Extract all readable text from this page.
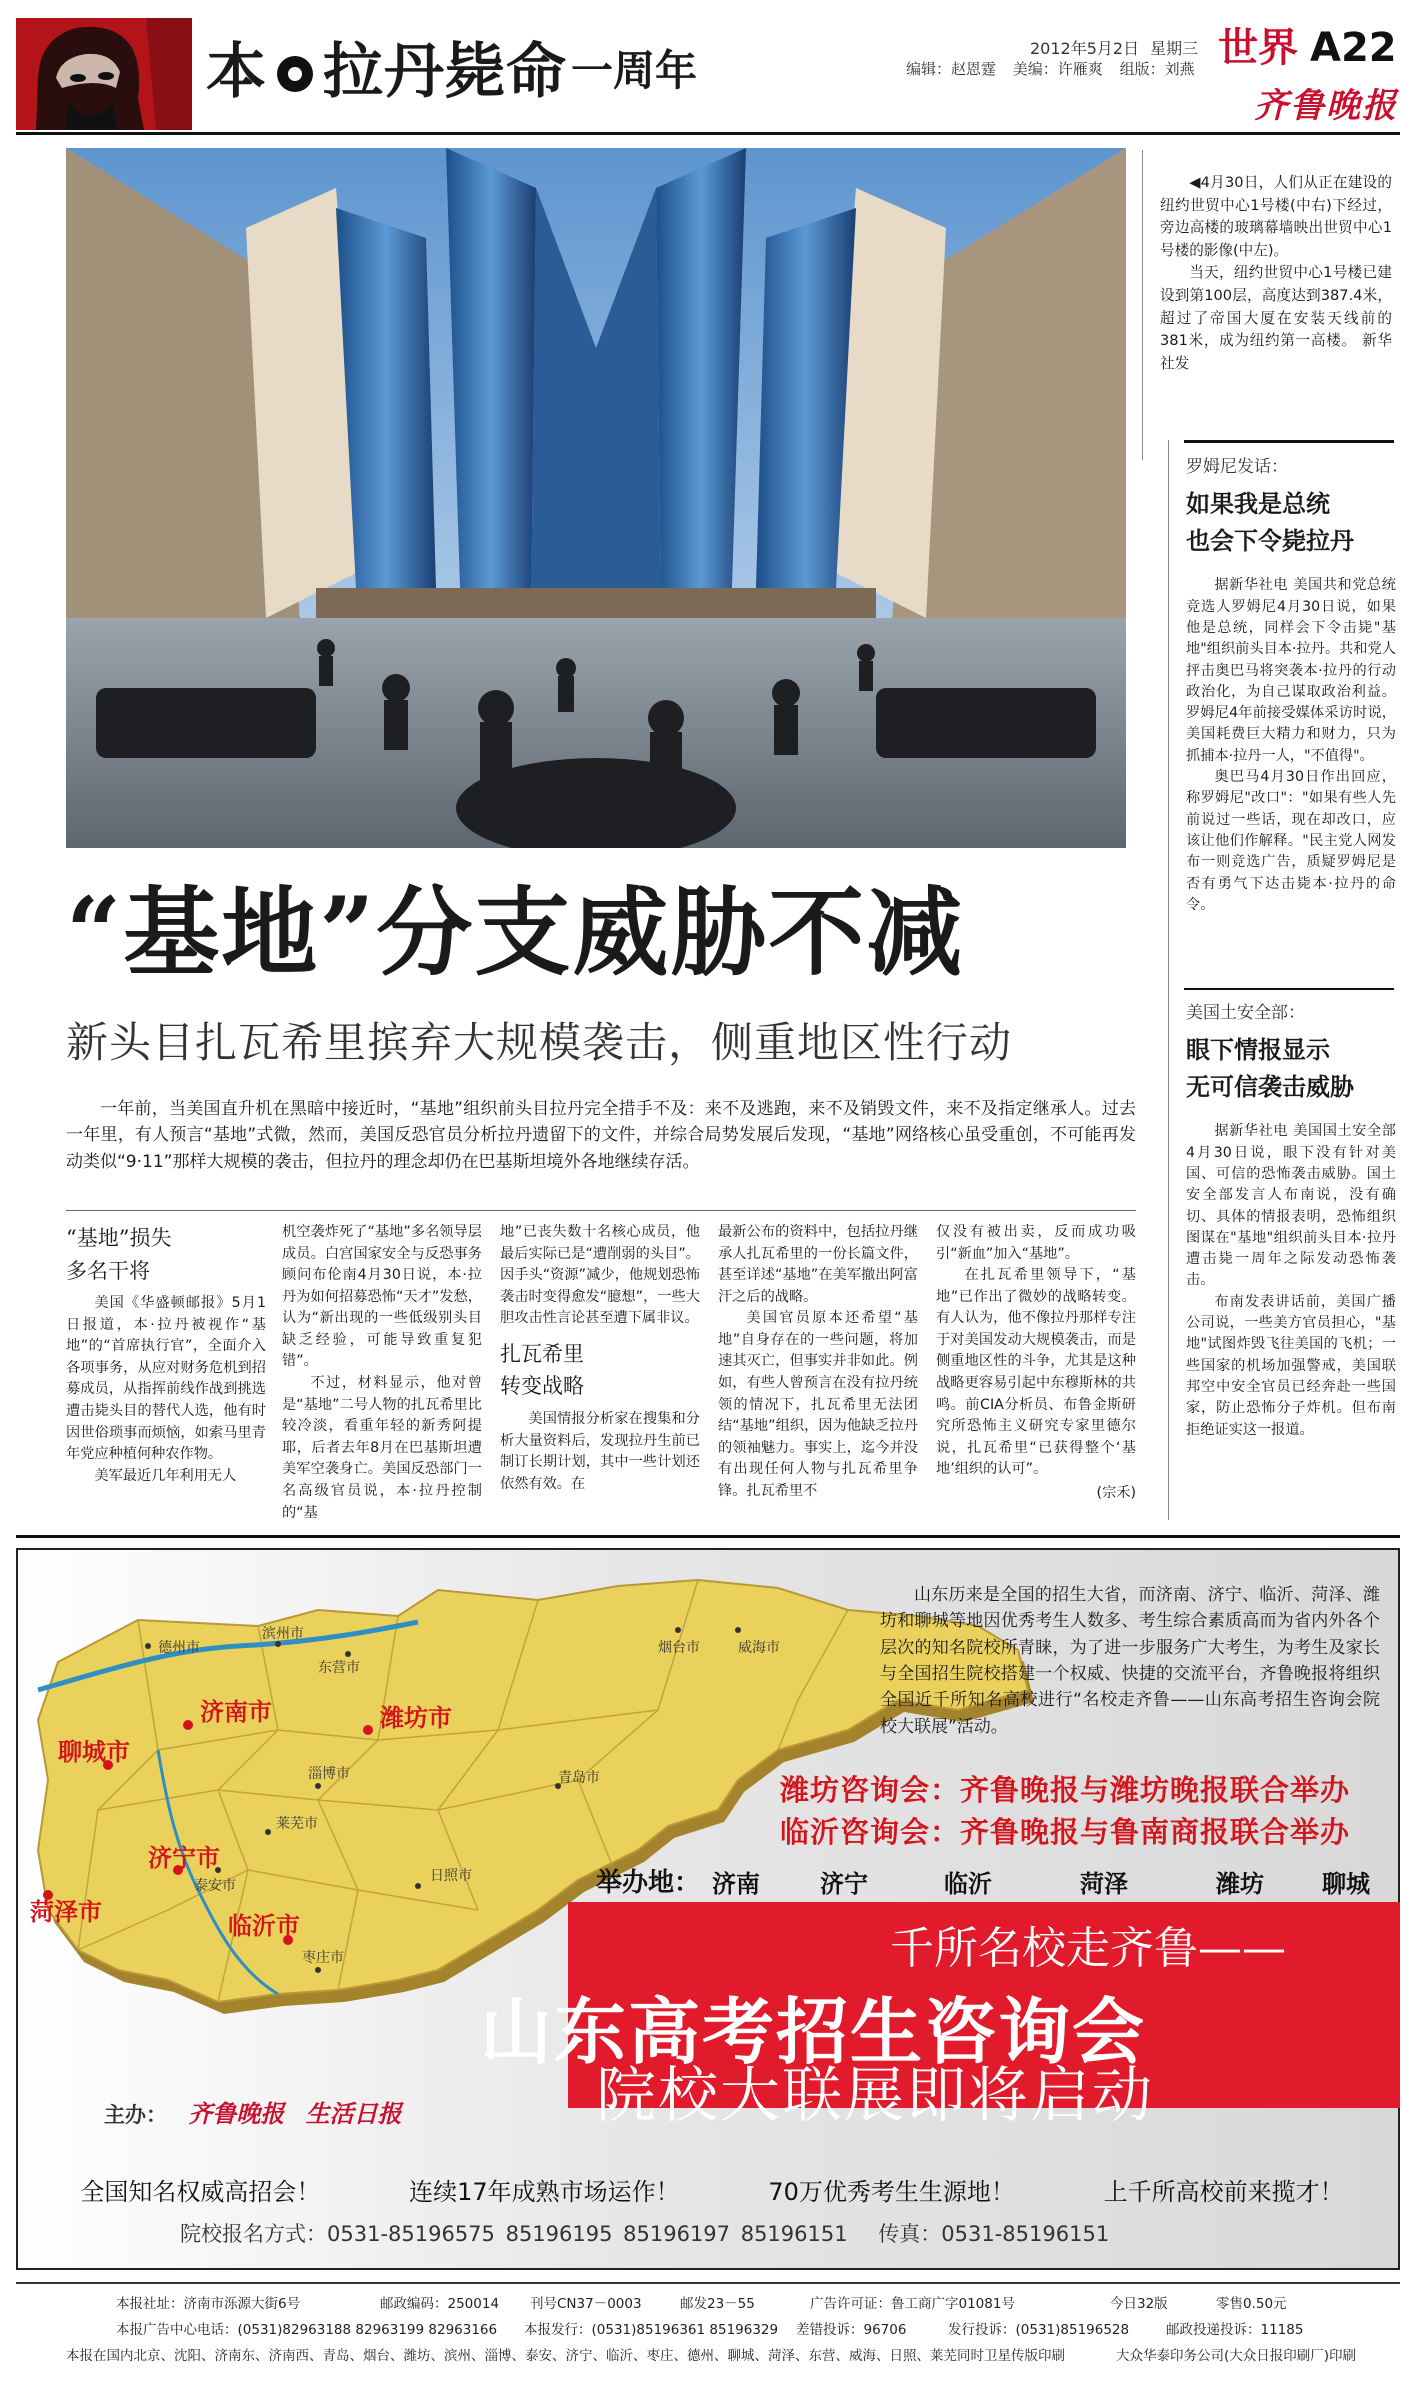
本 拉丹毙命 一周年	2012年5月2日 星期三
编辑：赵恩霆 美编：许雁爽 组版：刘燕 世界 A22
齐鲁晚报

◀4月30日，人们从正在建设的纽约世贸中心1号楼(中右)下经过，旁边高楼的玻璃幕墙映出世贸中心1号楼的影像(中左)。

当天，纽约世贸中心1号楼已建设到第100层，高度达到387.4米，超过了帝国大厦在安装天线前的381米，成为纽约第一高楼。 新华社发

罗姆尼发话：
如果我是总统
也会下令毙拉丹

据新华社电 美国共和党总统竞选人罗姆尼4月30日说，如果他是总统，同样会下令击毙"基地"组织前头目本·拉丹。共和党人抨击奥巴马将突袭本·拉丹的行动政治化，为自己谋取政治利益。罗姆尼4年前接受媒体采访时说，美国耗费巨大精力和财力，只为抓捕本·拉丹一人，"不值得"。

奥巴马4月30日作出回应，称罗姆尼"改口"："如果有些人先前说过一些话，现在却改口，应该让他们作解释。"民主党人网发布一则竞选广告，质疑罗姆尼是否有勇气下达击毙本·拉丹的命令。

美国土安全部：
眼下情报显示
无可信袭击威胁

据新华社电 美国国土安全部4月30日说，眼下没有针对美国、可信的恐怖袭击威胁。国土安全部发言人布南说，没有确切、具体的情报表明，恐怖组织图谋在"基地"组织前头目本·拉丹遭击毙一周年之际发动恐怖袭击。

布南发表讲话前，美国广播公司说，一些美方官员担心，"基地"试图炸毁飞往美国的飞机；一些国家的机场加强警戒，美国联邦空中安全官员已经奔赴一些国家，防止恐怖分子炸机。但布南拒绝证实这一报道。

“基地”分支威胁不减
新头目扎瓦希里摈弃大规模袭击，侧重地区性行动

一年前，当美国直升机在黑暗中接近时，“基地”组织前头目拉丹完全措手不及：来不及逃跑，来不及销毁文件，来不及指定继承人。过去一年里，有人预言“基地”式微，然而，美国反恐官员分析拉丹遗留下的文件，并综合局势发展后发现，“基地”网络核心虽受重创，不可能再发动类似“9·11”那样大规模的袭击，但拉丹的理念却仍在巴基斯坦境外各地继续存活。

“基地”损失
多名干将

美国《华盛顿邮报》5月1日报道，本·拉丹被视作“基地”的“首席执行官”，全面介入各项事务，从应对财务危机到招募成员，从指挥前线作战到挑选遭击毙头目的替代人选，他有时因世俗琐事而烦恼，如索马里青年党应种植何种农作物。

美军最近几年利用无人

机空袭炸死了“基地”多名领导层成员。白宫国家安全与反恐事务顾问布伦南4月30日说，本·拉丹为如何招募恐怖“天才”发愁，认为“新出现的一些低级别头目缺乏经验，可能导致重复犯错”。

不过，材料显示，他对曾是“基地”二号人物的扎瓦希里比较冷淡，看重年轻的新秀阿提耶，后者去年8月在巴基斯坦遭美军空袭身亡。美国反恐部门一名高级官员说，本·拉丹控制的“基

地”已丧失数十名核心成员，他最后实际已是“遭削弱的头目”。因手头“资源”减少，他规划恐怖袭击时变得愈发“臆想”，一些大胆攻击性言论甚至遭下属非议。

扎瓦希里
转变战略

美国情报分析家在搜集和分析大量资料后，发现拉丹生前已制订长期计划，其中一些计划还依然有效。在

最新公布的资料中，包括拉丹继承人扎瓦希里的一份长篇文件，甚至详述“基地”在美军撤出阿富汗之后的战略。

美国官员原本还希望“基地”自身存在的一些问题，将加速其灭亡，但事实并非如此。例如，有些人曾预言在没有拉丹统领的情况下，扎瓦希里无法团结“基地”组织，因为他缺乏拉丹的领袖魅力。事实上，迄今并没有出现任何人物与扎瓦希里争锋。扎瓦希里不

仅没有被出卖，反而成功吸引“新血”加入“基地”。

在扎瓦希里领导下，“基地”已作出了微妙的战略转变。有人认为，他不像拉丹那样专注于对美国发动大规模袭击，而是侧重地区性的斗争，尤其是这种战略更容易引起中东穆斯林的共鸣。前CIA分析员、布鲁金斯研究所恐怖主义研究专家里德尔说，扎瓦希里“已获得整个‘基地’组织的认可”。

(宗禾)
济南市	潍坊市
聊城市
菏泽市
济宁市
临沂市
德州市
滨州市
东营市
淄博市
莱芜市
泰安市
日照市
枣庄市
烟台市	威海市
青岛市

山东历来是全国的招生大省，而济南、济宁、临沂、菏泽、潍坊和聊城等地因优秀考生人数多、考生综合素质高而为省内外各个层次的知名院校所青睐，为了进一步服务广大考生，为考生及家长与全国招生院校搭建一个权威、快捷的交流平台，齐鲁晚报将组织全国近千所知名高校进行“名校走齐鲁——山东高考招生咨询会院校大联展”活动。

潍坊咨询会：齐鲁晚报与潍坊晚报联合举办
临沂咨询会：齐鲁晚报与鲁南商报联合举办
举办地： 济南	济宁	临沂	菏泽	潍坊 聊城
千所名校走齐鲁——
山东高考招生咨询会
院校大联展即将启动
主办： 齐鲁晚报 生活日报
全国知名权威高招会！	连续17年成熟市场运作！	70万优秀考生生源地！	上千所高校前来揽才！
院校报名方式：0531-85196575 85196195 85196197 85196151 传真：0531-85196151
本报社址：济南市泺源大街6号	邮政编码：250014 刊号CN37－0003	邮发23－55	广告许可证：鲁工商广字01081号	今日32版	零售0.50元
本报广告中心电话：(0531)82963188 82963199 82963166 本报发行：(0531)85196361 85196329 差错投诉：96706	发行投诉：(0531)85196528	邮政投递投诉：11185
本报在国内北京、沈阳、济南东、济南西、青岛、烟台、潍坊、滨州、淄博、泰安、济宁、临沂、枣庄、德州、聊城、菏泽、东营、威海、日照、莱芜同时卫星传版印刷	大众华泰印务公司(大众日报印刷厂)印刷
